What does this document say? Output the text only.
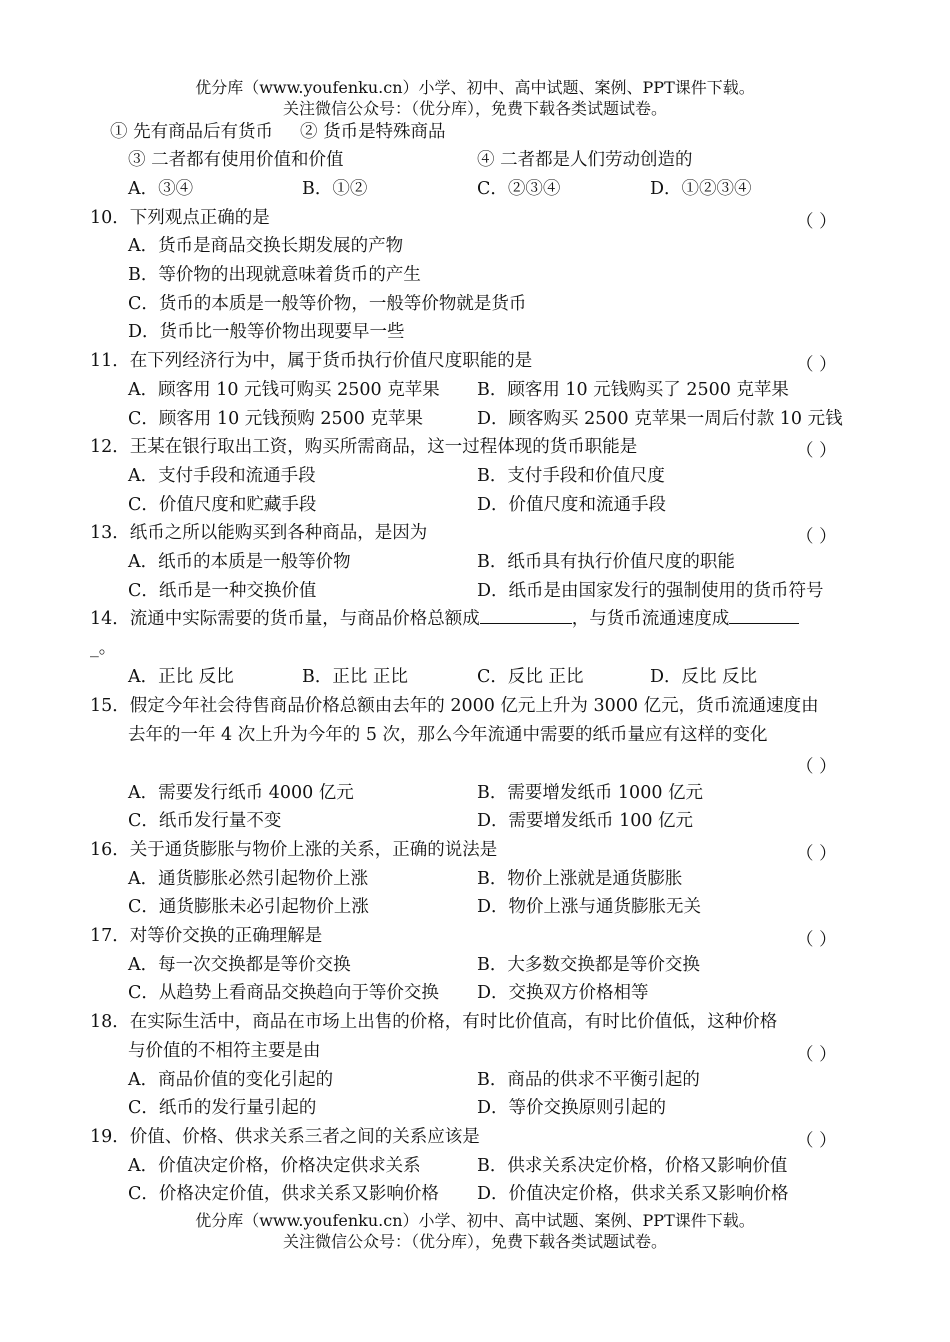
优分库（www.youfenku.cn）小学、初中、高中试题、案例、PPT课件下载。
关注微信公众号：（优分库），免费下载各类试题试卷。
① 先有商品后有货币 ② 货币是特殊商品
③ 二者都有使用价值和价值	④ 二者都是人们劳动创造的
A．③④	B．①②	C．②③④	D．①②③④
10．下列观点正确的是	（ ）
A．货币是商品交换长期发展的产物
B．等价物的出现就意味着货币的产生
C．货币的本质是一般等价物，一般等价物就是货币
D．货币比一般等价物出现要早一些
11．在下列经济行为中，属于货币执行价值尺度职能的是	（ ）
A．顾客用 10 元钱可购买 2500 克苹果 B．顾客用 10 元钱购买了 2500 克苹果
C．顾客用 10 元钱预购 2500 克苹果	D．顾客购买 2500 克苹果一周后付款 10 元钱
12．王某在银行取出工资，购买所需商品，这一过程体现的货币职能是	（ ）
A．支付手段和流通手段	B．支付手段和价值尺度
C．价值尺度和贮藏手段	D．价值尺度和流通手段
13．纸币之所以能购买到各种商品，是因为	（ ）
A．纸币的本质是一般等价物	B．纸币具有执行价值尺度的职能
C．纸币是一种交换价值	D．纸币是由国家发行的强制使用的货币符号
14．流通中实际需要的货币量，与商品价格总额成	，与货币流通速度成
_。
A．正比 反比	B．正比 正比	C．反比 正比	D．反比 反比
15．假定今年社会待售商品价格总额由去年的 2000 亿元上升为 3000 亿元，货币流通速度由
去年的一年 4 次上升为今年的 5 次，那么今年流通中需要的纸币量应有这样的变化
（ ）
A．需要发行纸币 4000 亿元	B．需要增发纸币 1000 亿元
C．纸币发行量不变	D．需要增发纸币 100 亿元
16．关于通货膨胀与物价上涨的关系，正确的说法是	（ ）
A．通货膨胀必然引起物价上涨	B．物价上涨就是通货膨胀
C．通货膨胀未必引起物价上涨	D．物价上涨与通货膨胀无关
17．对等价交换的正确理解是	（ ）
A．每一次交换都是等价交换	B．大多数交换都是等价交换
C．从趋势上看商品交换趋向于等价交换 D．交换双方价格相等
18．在实际生活中，商品在市场上出售的价格，有时比价值高，有时比价值低，这种价格
与价值的不相符主要是由	（ ）
A．商品价值的变化引起的	B．商品的供求不平衡引起的
C．纸币的发行量引起的	D．等价交换原则引起的
19．价值、价格、供求关系三者之间的关系应该是	（ ）
A．价值决定价格，价格决定供求关系	B．供求关系决定价格，价格又影响价值
C．价格决定价值，供求关系又影响价格 D．价值决定价格，供求关系又影响价格
优分库（www.youfenku.cn）小学、初中、高中试题、案例、PPT课件下载。
关注微信公众号：（优分库），免费下载各类试题试卷。
